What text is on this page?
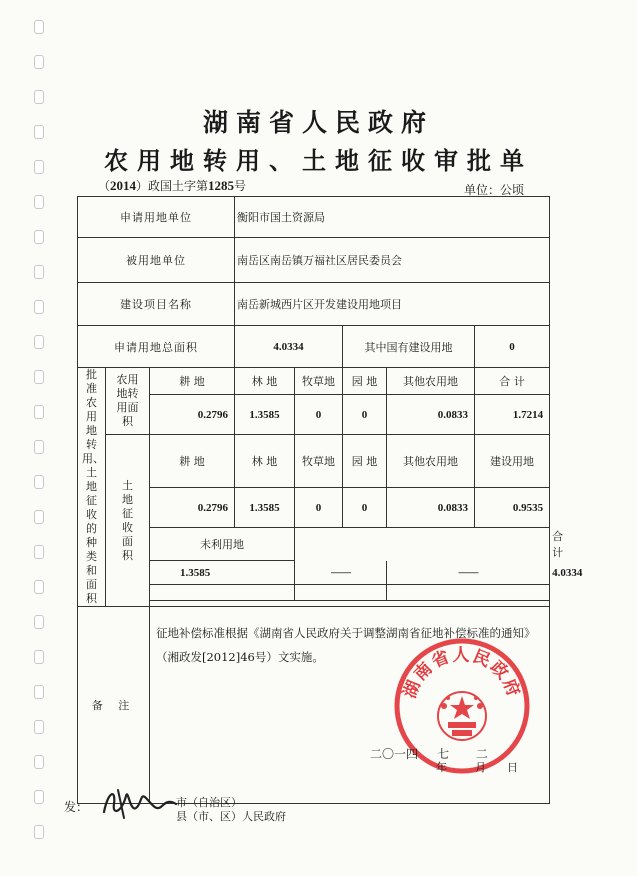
湖南省人民政府
农用地转用、土地征收审批单
（2014）政国土字第1285号	单位：公顷
申请用地单位			衡阳市国土资源局					
被用地单位			南岳区南岳镇万福社区居民委员会					
建设项目名称			南岳新城西片区开发建设用地项目					
申请用地总面积			4.0334		其中国有建设用地		0	
批准农用地转用、土地征收的种类和面积	农用地转用面积	耕 地	林 地	牧草地	园 地	其他农用地	合 计	
		0.2796	1.3585	0	0	0.0833	1.7214	
	土地征收面积	耕 地	林 地	牧草地	园 地	其他农用地	建设用地	
		0.2796	1.3585	0	0	0.0833	0.9535	
		未利用地						合 计
		1.3585		——		——		4.0334

备 注		征地补偿标准根据《湖南省人民政府关于调整湖南省征地补偿标准的通知》（湘政发[2012]46号）文实施。						
湖南省人民政府
二〇一四 七 二
年	月 日
发：	市（自治区）
县（市、区）人民政府
